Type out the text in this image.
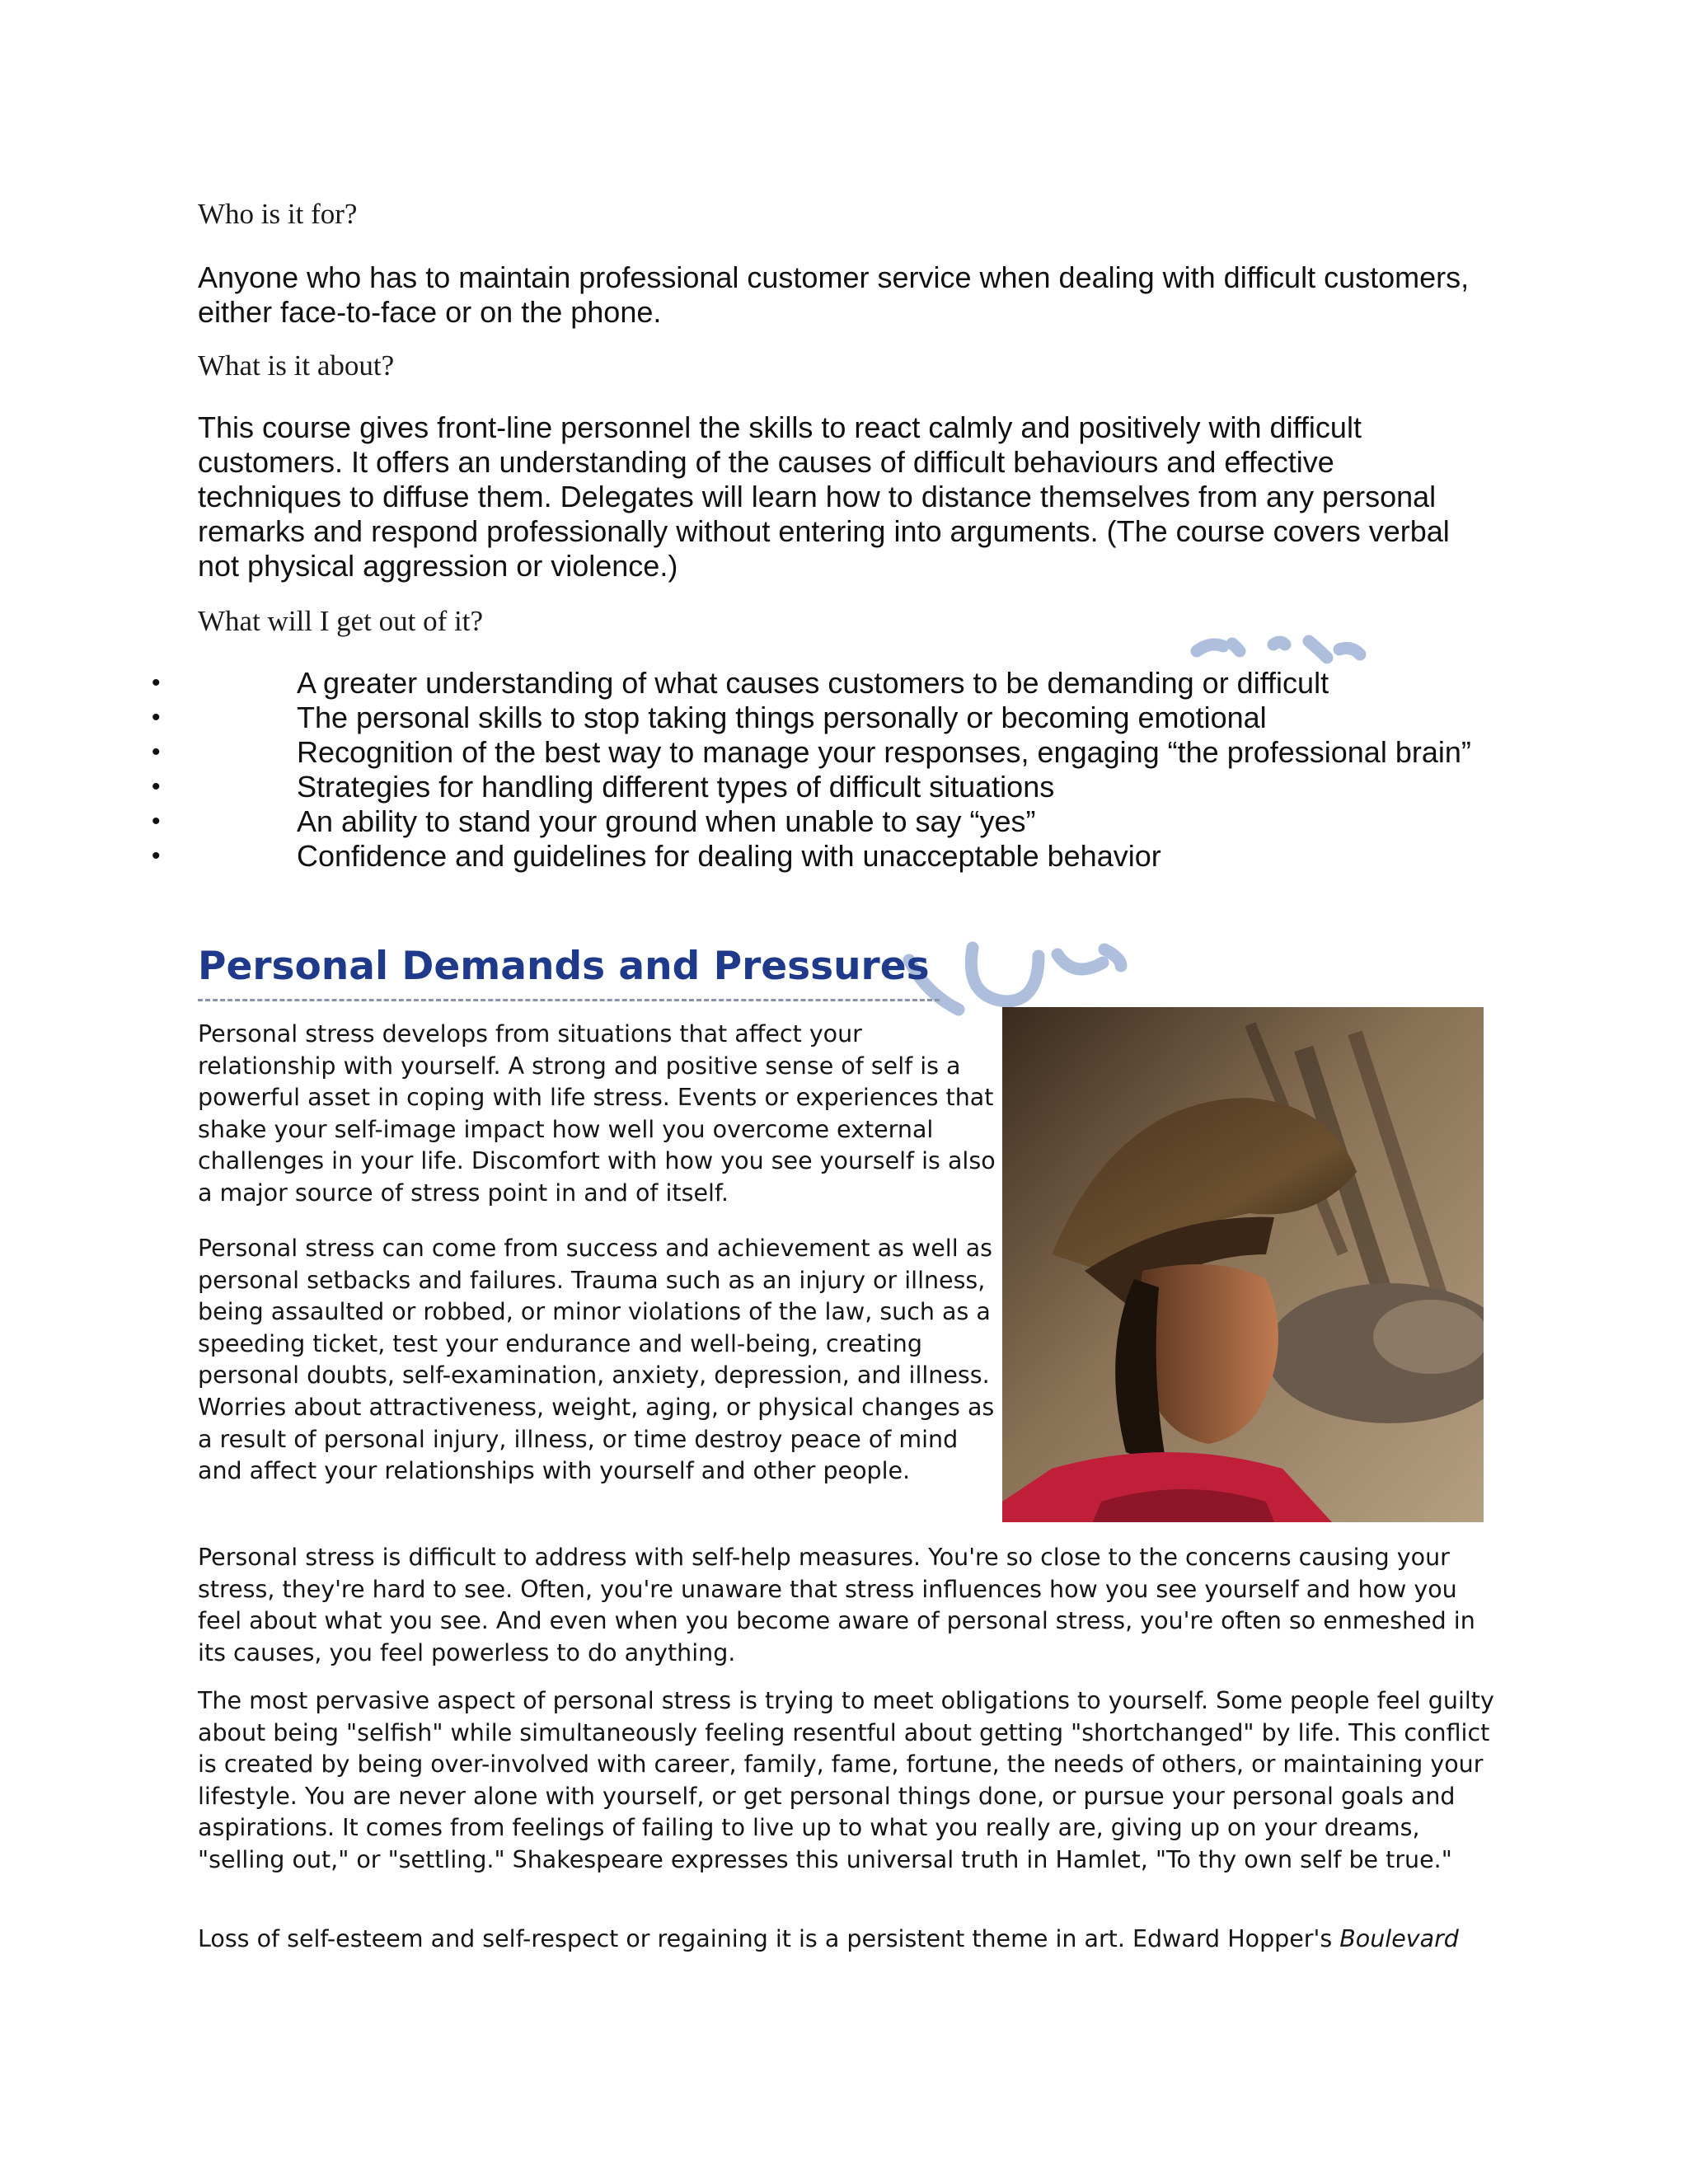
Who is it for?

Anyone who has to maintain professional customer service when dealing with difficult customers, either face-to-face or on the phone.

What is it about?

This course gives front-line personnel the skills to react calmly and positively with difficult customers. It offers an understanding of the causes of difficult behaviours and effective techniques to diffuse them. Delegates will learn how to distance themselves from any personal remarks and respond professionally without entering into arguments. (The course covers verbal not physical aggression or violence.)

What will I get out of it?
•	A greater understanding of what causes customers to be demanding or difficult
•	The personal skills to stop taking things personally or becoming emotional
•	Recognition of the best way to manage your responses, engaging “the professional brain”
•	Strategies for handling different types of difficult situations
•	An ability to stand your ground when unable to say “yes”
•	Confidence and guidelines for dealing with unacceptable behavior
Personal Demands and Pressures

Personal stress develops from situations that affect your relationship with yourself. A strong and positive sense of self is a powerful asset in coping with life stress. Events or experiences that shake your self-image impact how well you overcome external challenges in your life. Discomfort with how you see yourself is also a major source of stress point in and of itself.

Personal stress can come from success and achievement as well as personal setbacks and failures. Trauma such as an injury or illness, being assaulted or robbed, or minor violations of the law, such as a speeding ticket, test your endurance and well-being, creating personal doubts, self-examination, anxiety, depression, and illness. Worries about attractiveness, weight, aging, or physical changes as a result of personal injury, illness, or time destroy peace of mind and affect your relationships with yourself and other people.

Personal stress is difficult to address with self-help measures. You're so close to the concerns causing your stress, they're hard to see. Often, you're unaware that stress influences how you see yourself and how you feel about what you see. And even when you become aware of personal stress, you're often so enmeshed in its causes, you feel powerless to do anything.

The most pervasive aspect of personal stress is trying to meet obligations to yourself. Some people feel guilty about being "selfish" while simultaneously feeling resentful about getting "shortchanged" by life. This conflict is created by being over-involved with career, family, fame, fortune, the needs of others, or maintaining your lifestyle. You are never alone with yourself, or get personal things done, or pursue your personal goals and aspirations. It comes from feelings of failing to live up to what you really are, giving up on your dreams, "selling out," or "settling." Shakespeare expresses this universal truth in Hamlet, "To thy own self be true."

Loss of self-esteem and self-respect or regaining it is a persistent theme in art. Edward Hopper's Boulevard
